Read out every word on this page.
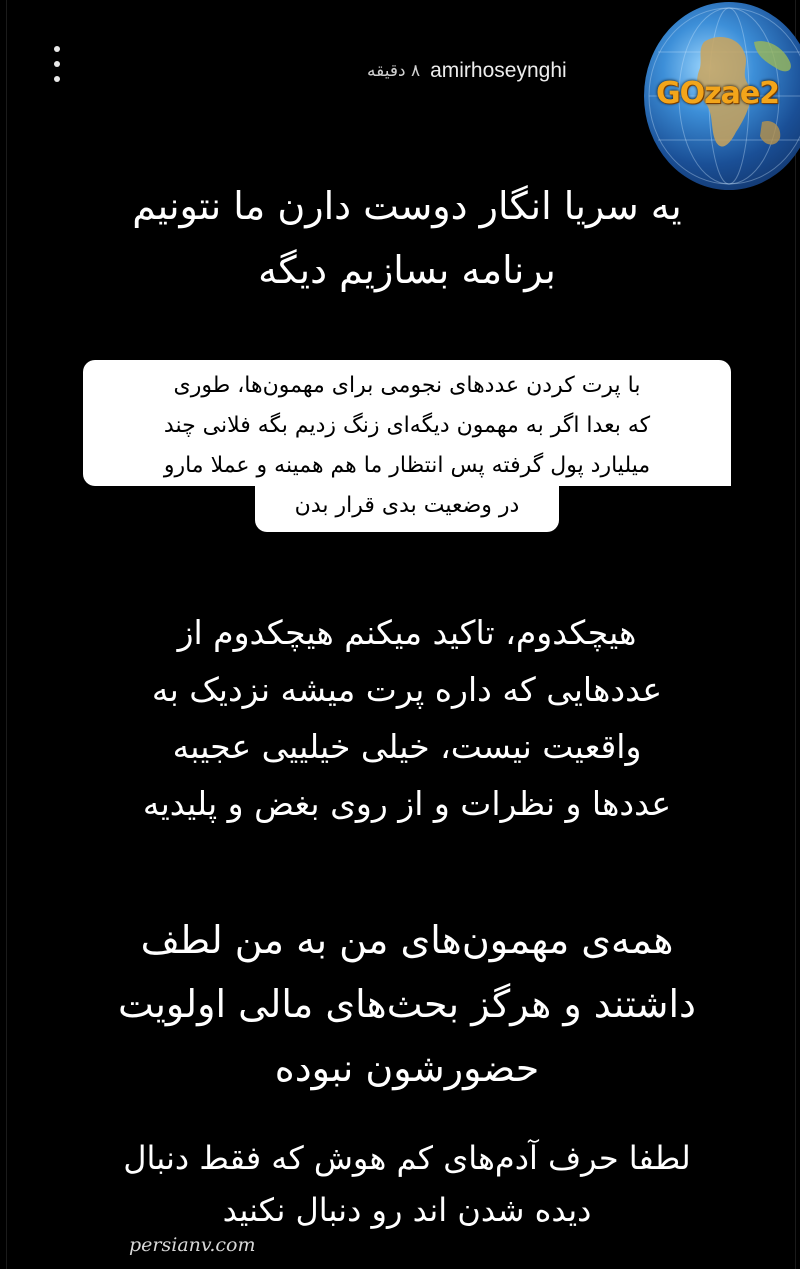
۸ دقیقه amirhoseynghi
یه سریا انگار دوست دارن ما نتونیم
برنامه بسازیم دیگه
با پرت کردن عددهای نجومی برای مهمون‌ها، طوری
که بعدا اگر به مهمون دیگه‌ای زنگ زدیم بگه فلانی چند
میلیارد پول گرفته پس انتظار ما هم همینه و عملا مارو
در وضعیت بدی قرار بدن
هیچکدوم، تاکید میکنم هیچکدوم از
عددهایی که داره پرت میشه نزدیک به
واقعیت نیست، خیلی خیلییی عجیبه
عددها و نظرات و از روی بغض و پلیدیه
همه‌ی مهمون‌های من به من لطف
داشتند و هرگز بحث‌های مالی اولویت
حضورشون نبوده
لطفا حرف آدم‌های کم هوش که فقط دنبال
دیده شدن اند رو دنبال نکنید
persianv.com
GOzae2
